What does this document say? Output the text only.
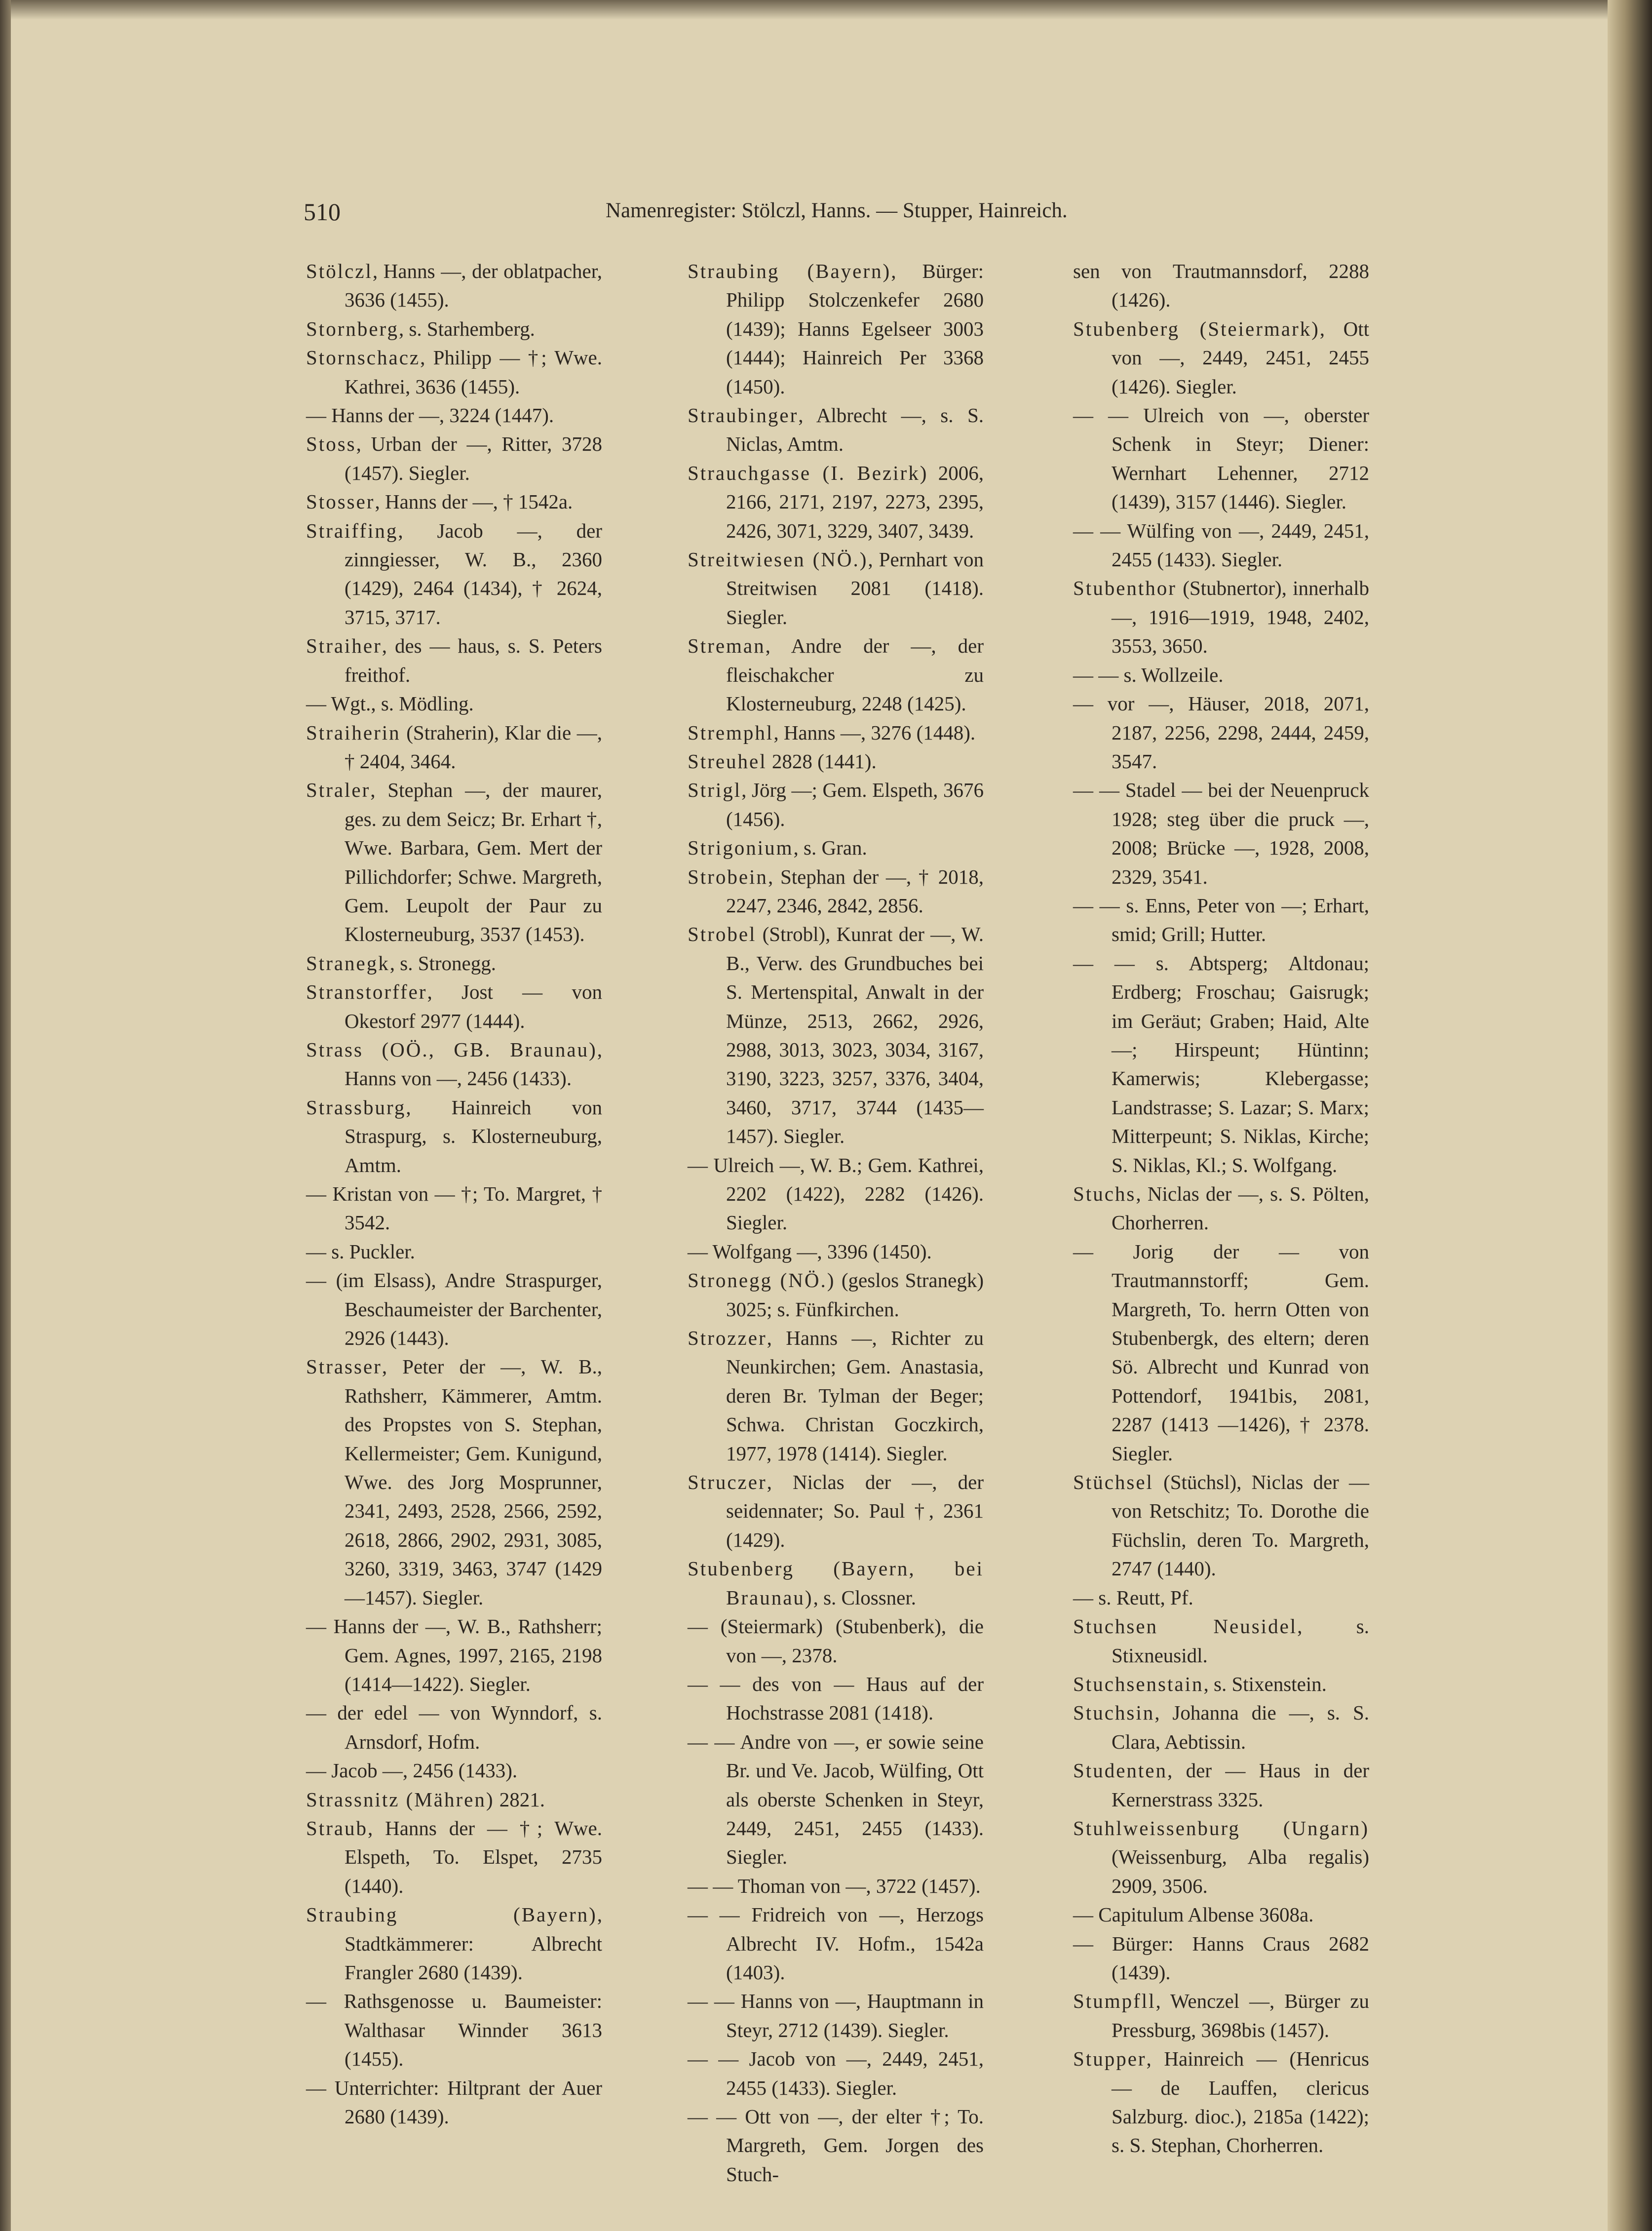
510	Namenregister: Stölczl, Hanns. — Stupper, Hainreich.

Stölczl, Hanns —, der oblatpacher, 3636 (1455).

Stornberg, s. Starhemberg.

Stornschacz, Philipp — †; Wwe. Kathrei, 3636 (1455).

— Hanns der —, 3224 (1447).

Stoss, Urban der —, Ritter, 3728 (1457). Siegler.

Stosser, Hanns der —, † 1542a.

Straiffing, Jacob —, der zinngiesser, W. B., 2360 (1429), 2464 (1434), † 2624, 3715, 3717.

Straiher, des — haus, s. S. Peters freithof.

— Wgt., s. Mödling.

Straiherin (Straherin), Klar die —, † 2404, 3464.

Straler, Stephan —, der maurer, ges. zu dem Seicz; Br. Erhart †, Wwe. Barbara, Gem. Mert der Pillichdorfer; Schwe. Margreth, Gem. Leupolt der Paur zu Klosterneuburg, 3537 (1453).

Stranegk, s. Stronegg.

Stranstorffer, Jost — von Okestorf 2977 (1444).

Strass (OÖ., GB. Braunau), Hanns von —, 2456 (1433).

Strassburg, Hainreich von Straspurg, s. Klosterneuburg, Amtm.

— Kristan von — †; To. Margret, † 3542.

— s. Puckler.

— (im Elsass), Andre Straspurger, Beschaumeister der Barchenter, 2926 (1443).

Strasser, Peter der —, W. B., Rathsherr, Kämmerer, Amtm. des Propstes von S. Stephan, Kellermeister; Gem. Kunigund, Wwe. des Jorg Mosprunner, 2341, 2493, 2528, 2566, 2592, 2618, 2866, 2902, 2931, 3085, 3260, 3319, 3463, 3747 (1429—1457). Siegler.

— Hanns der —, W. B., Rathsherr; Gem. Agnes, 1997, 2165, 2198 (1414—1422). Siegler.

— der edel — von Wynndorf, s. Arnsdorf, Hofm.

— Jacob —, 2456 (1433).

Strassnitz (Mähren) 2821.

Straub, Hanns der — †; Wwe. Elspeth, To. Elspet, 2735 (1440).

Straubing (Bayern), Stadtkämmerer: Albrecht Frangler 2680 (1439).

— Rathsgenosse u. Baumeister: Walthasar Winnder 3613 (1455).

— Unterrichter: Hiltprant der Auer 2680 (1439).

Straubing (Bayern), Bürger: Philipp Stolczenkefer 2680 (1439); Hanns Egelseer 3003 (1444); Hainreich Per 3368 (1450).

Straubinger, Albrecht —, s. S. Niclas, Amtm.

Strauchgasse (I. Bezirk) 2006, 2166, 2171, 2197, 2273, 2395, 2426, 3071, 3229, 3407, 3439.

Streitwiesen (NÖ.), Pernhart von Streitwisen 2081 (1418). Siegler.

Streman, Andre der —, der fleischakcher zu Klosterneuburg, 2248 (1425).

Stremphl, Hanns —, 3276 (1448).

Streuhel 2828 (1441).

Strigl, Jörg —; Gem. Elspeth, 3676 (1456).

Strigonium, s. Gran.

Strobein, Stephan der —, † 2018, 2247, 2346, 2842, 2856.

Strobel (Strobl), Kunrat der —, W. B., Verw. des Grundbuches bei S. Mertenspital, Anwalt in der Münze, 2513, 2662, 2926, 2988, 3013, 3023, 3034, 3167, 3190, 3223, 3257, 3376, 3404, 3460, 3717, 3744 (1435—1457). Siegler.

— Ulreich —, W. B.; Gem. Kathrei, 2202 (1422), 2282 (1426). Siegler.

— Wolfgang —, 3396 (1450).

Stronegg (NÖ.) (geslos Stranegk) 3025; s. Fünfkirchen.

Strozzer, Hanns —, Richter zu Neunkirchen; Gem. Anastasia, deren Br. Tylman der Beger; Schwa. Christan Goczkirch, 1977, 1978 (1414). Siegler.

Struczer, Niclas der —, der seidennater; So. Paul †, 2361 (1429).

Stubenberg (Bayern, bei Braunau), s. Clossner.

— (Steiermark) (Stubenberk), die von —, 2378.

— — des von — Haus auf der Hochstrasse 2081 (1418).

— — Andre von —, er sowie seine Br. und Ve. Jacob, Wülfing, Ott als oberste Schenken in Steyr, 2449, 2451, 2455 (1433). Siegler.

— — Thoman von —, 3722 (1457).

— — Fridreich von —, Herzogs Albrecht IV. Hofm., 1542a (1403).

— — Hanns von —, Hauptmann in Steyr, 2712 (1439). Siegler.

— — Jacob von —, 2449, 2451, 2455 (1433). Siegler.

— — Ott von —, der elter †; To. Margreth, Gem. Jorgen des Stuch-

sen von Trautmannsdorf, 2288 (1426).

Stubenberg (Steiermark), Ott von —, 2449, 2451, 2455 (1426). Siegler.

— — Ulreich von —, oberster Schenk in Steyr; Diener: Wernhart Lehenner, 2712 (1439), 3157 (1446). Siegler.

— — Wülfing von —, 2449, 2451, 2455 (1433). Siegler.

Stubenthor (Stubnertor), innerhalb —, 1916—1919, 1948, 2402, 3553, 3650.

— — s. Wollzeile.

— vor —, Häuser, 2018, 2071, 2187, 2256, 2298, 2444, 2459, 3547.

— — Stadel — bei der Neuenpruck 1928; steg über die pruck —, 2008; Brücke —, 1928, 2008, 2329, 3541.

— — s. Enns, Peter von —; Erhart, smid; Grill; Hutter.

— — s. Abtsperg; Altdonau; Erdberg; Froschau; Gaisrugk; im Geräut; Graben; Haid, Alte —; Hirspeunt; Hüntinn; Kamerwis; Klebergasse; Landstrasse; S. Lazar; S. Marx; Mitterpeunt; S. Niklas, Kirche; S. Niklas, Kl.; S. Wolfgang.

Stuchs, Niclas der —, s. S. Pölten, Chorherren.

— Jorig der — von Trautmannstorff; Gem. Margreth, To. herrn Otten von Stubenbergk, des eltern; deren Sö. Albrecht und Kunrad von Pottendorf, 1941bis, 2081, 2287 (1413 —1426), † 2378. Siegler.

Stüchsel (Stüchsl), Niclas der — von Retschitz; To. Dorothe die Füchslin, deren To. Margreth, 2747 (1440).

— s. Reutt, Pf.

Stuchsen Neusidel, s. Stixneusidl.

Stuchsenstain, s. Stixenstein.

Stuchsin, Johanna die —, s. S. Clara, Aebtissin.

Studenten, der — Haus in der Kernerstrass 3325.

Stuhlweissenburg (Ungarn) (Weissenburg, Alba regalis) 2909, 3506.

— Capitulum Albense 3608a.

— Bürger: Hanns Craus 2682 (1439).

Stumpfll, Wenczel —, Bürger zu Pressburg, 3698bis (1457).

Stupper, Hainreich — (Henricus — de Lauffen, clericus Salzburg. dioc.), 2185a (1422); s. S. Stephan, Chorherren.
